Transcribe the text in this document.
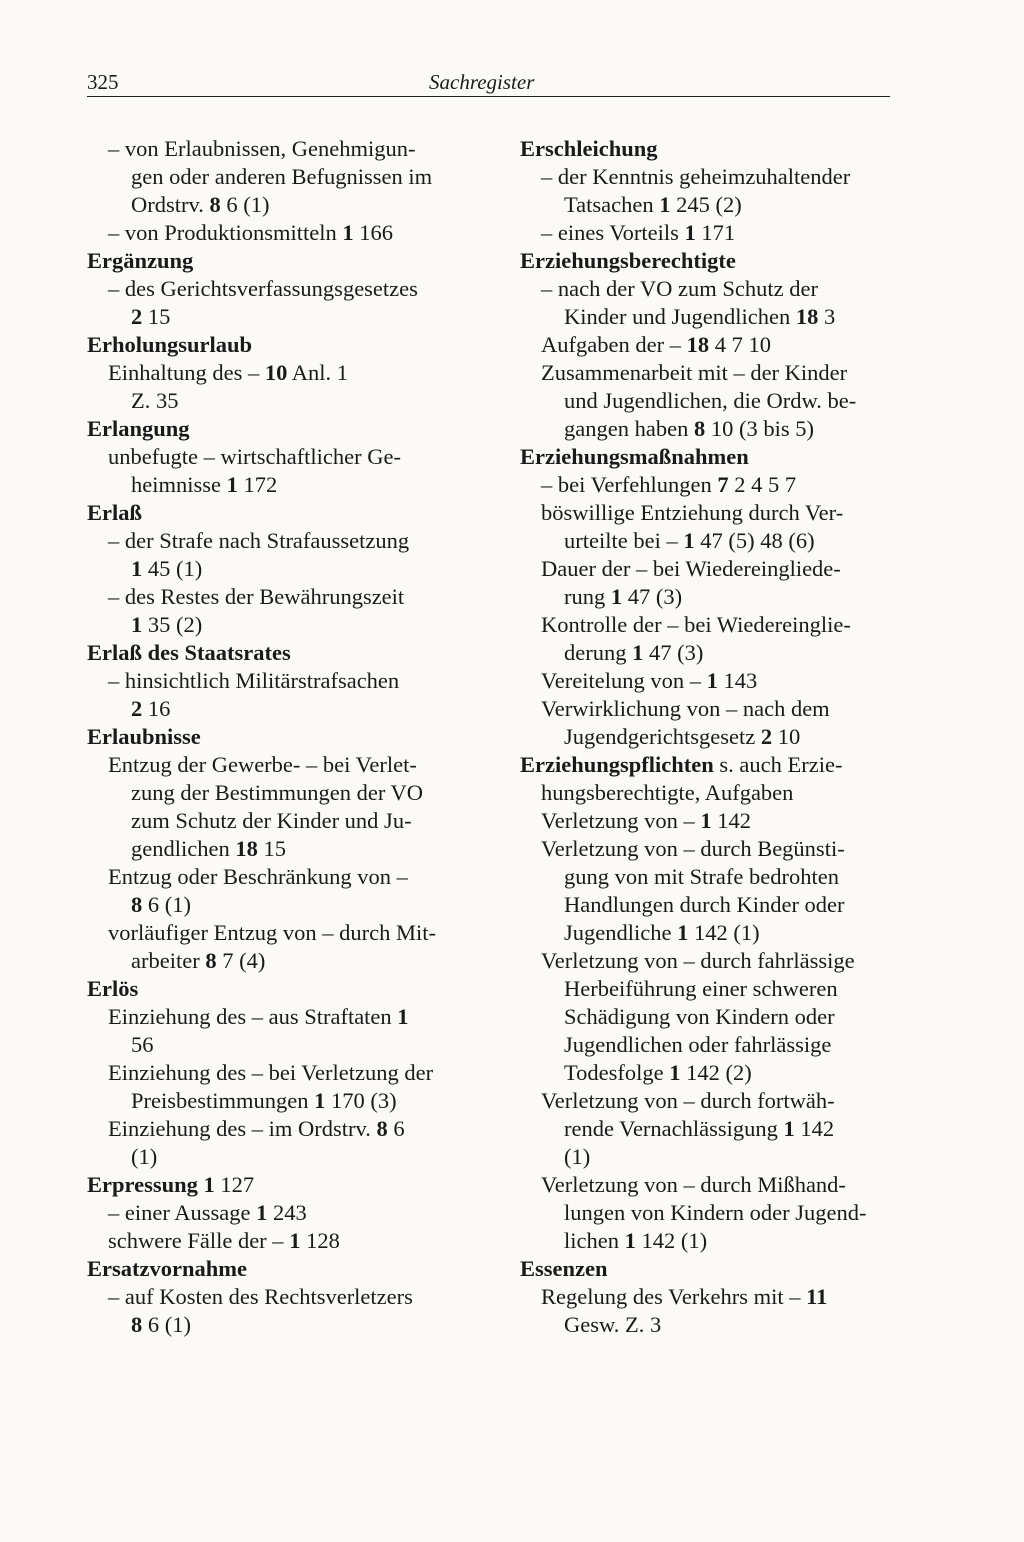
325	Sachregister
– von Erlaubnissen, Genehmigun-
gen oder anderen Befugnissen im
Ordstrv. 8 6 (1)
– von Produktionsmitteln 1 166
Ergänzung
– des Gerichtsverfassungsgesetzes
2 15
Erholungsurlaub
Einhaltung des – 10 Anl. 1
Z. 35
Erlangung
unbefugte – wirtschaftlicher Ge-
heimnisse 1 172
Erlaß
– der Strafe nach Strafaussetzung
1 45 (1)
– des Restes der Bewährungszeit
1 35 (2)
Erlaß des Staatsrates
– hinsichtlich Militärstrafsachen
2 16
Erlaubnisse
Entzug der Gewerbe- – bei Verlet-
zung der Bestimmungen der VO
zum Schutz der Kinder und Ju-
gendlichen 18 15
Entzug oder Beschränkung von –
8 6 (1)
vorläufiger Entzug von – durch Mit-
arbeiter 8 7 (4)
Erlös
Einziehung des – aus Straftaten 1
56
Einziehung des – bei Verletzung der
Preisbestimmungen 1 170 (3)
Einziehung des – im Ordstrv. 8 6
(1)
Erpressung 1 127
– einer Aussage 1 243
schwere Fälle der – 1 128
Ersatzvornahme
– auf Kosten des Rechtsverletzers
8 6 (1)
Erschleichung
– der Kenntnis geheimzuhaltender
Tatsachen 1 245 (2)
– eines Vorteils 1 171
Erziehungsberechtigte
– nach der VO zum Schutz der
Kinder und Jugendlichen 18 3
Aufgaben der – 18 4 7 10
Zusammenarbeit mit – der Kinder
und Jugendlichen, die Ordw. be-
gangen haben 8 10 (3 bis 5)
Erziehungsmaßnahmen
– bei Verfehlungen 7 2 4 5 7
böswillige Entziehung durch Ver-
urteilte bei – 1 47 (5) 48 (6)
Dauer der – bei Wiedereingliede-
rung 1 47 (3)
Kontrolle der – bei Wiedereinglie-
derung 1 47 (3)
Vereitelung von – 1 143
Verwirklichung von – nach dem
Jugendgerichtsgesetz 2 10
Erziehungspflichten s. auch Erzie-
hungsberechtigte, Aufgaben
Verletzung von – 1 142
Verletzung von – durch Begünsti-
gung von mit Strafe bedrohten
Handlungen durch Kinder oder
Jugendliche 1 142 (1)
Verletzung von – durch fahrlässige
Herbeiführung einer schweren
Schädigung von Kindern oder
Jugendlichen oder fahrlässige
Todesfolge 1 142 (2)
Verletzung von – durch fortwäh-
rende Vernachlässigung 1 142
(1)
Verletzung von – durch Mißhand-
lungen von Kindern oder Jugend-
lichen 1 142 (1)
Essenzen
Regelung des Verkehrs mit – 11
Gesw. Z. 3
